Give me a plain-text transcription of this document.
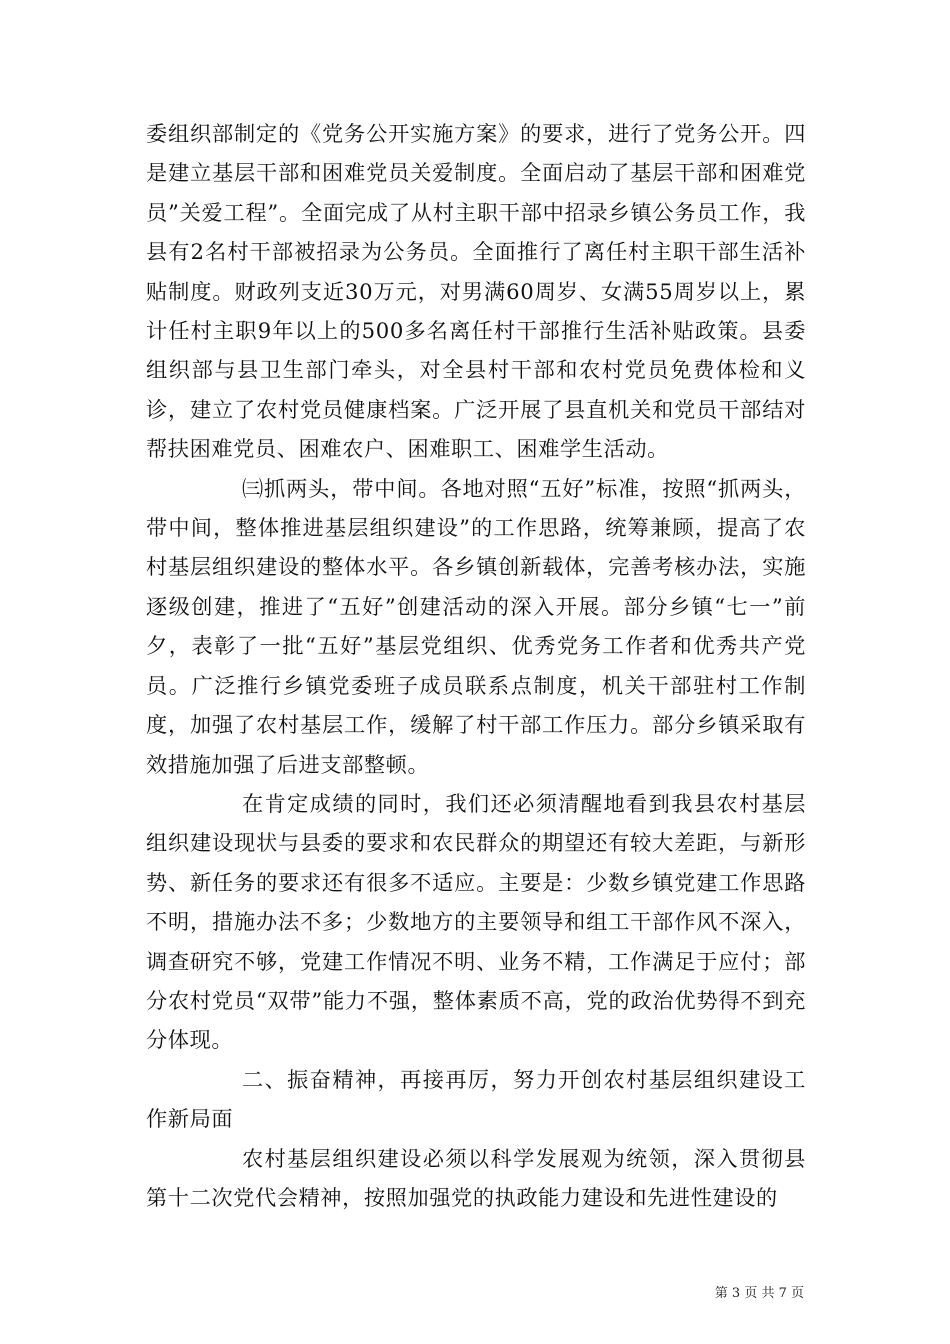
委组织部制定的《党务公开实施方案》的要求，进行了党务公开。四是建立基层干部和困难党员关爱制度。全面启动了基层干部和困难党员”关爱工程”。全面完成了从村主职干部中招录乡镇公务员工作，我县有2名村干部被招录为公务员。全面推行了离任村主职干部生活补贴制度。财政列支近30万元，对男满60周岁、女满55周岁以上，累计任村主职9年以上的500多名离任村干部推行生活补贴政策。县委组织部与县卫生部门牵头，对全县村干部和农村党员免费体检和义诊，建立了农村党员健康档案。广泛开展了县直机关和党员干部结对帮扶困难党员、困难农户、困难职工、困难学生活动。

㈢抓两头，带中间。各地对照“五好”标准，按照“抓两头，带中间，整体推进基层组织建设”的工作思路，统筹兼顾，提高了农村基层组织建设的整体水平。各乡镇创新载体，完善考核办法，实施逐级创建，推进了“五好”创建活动的深入开展。部分乡镇“七一”前夕，表彰了一批“五好”基层党组织、优秀党务工作者和优秀共产党员。广泛推行乡镇党委班子成员联系点制度，机关干部驻村工作制度，加强了农村基层工作，缓解了村干部工作压力。部分乡镇采取有效措施加强了后进支部整顿。

在肯定成绩的同时，我们还必须清醒地看到我县农村基层组织建设现状与县委的要求和农民群众的期望还有较大差距，与新形势、新任务的要求还有很多不适应。主要是：少数乡镇党建工作思路不明，措施办法不多；少数地方的主要领导和组工干部作风不深入，调查研究不够，党建工作情况不明、业务不精，工作满足于应付；部分农村党员“双带”能力不强，整体素质不高，党的政治优势得不到充分体现。

二、振奋精神，再接再厉，努力开创农村基层组织建设工作新局面

农村基层组织建设必须以科学发展观为统领，深入贯彻县第十二次党代会精神，按照加强党的执政能力建设和先进性建设的

第 3 页 共 7 页
